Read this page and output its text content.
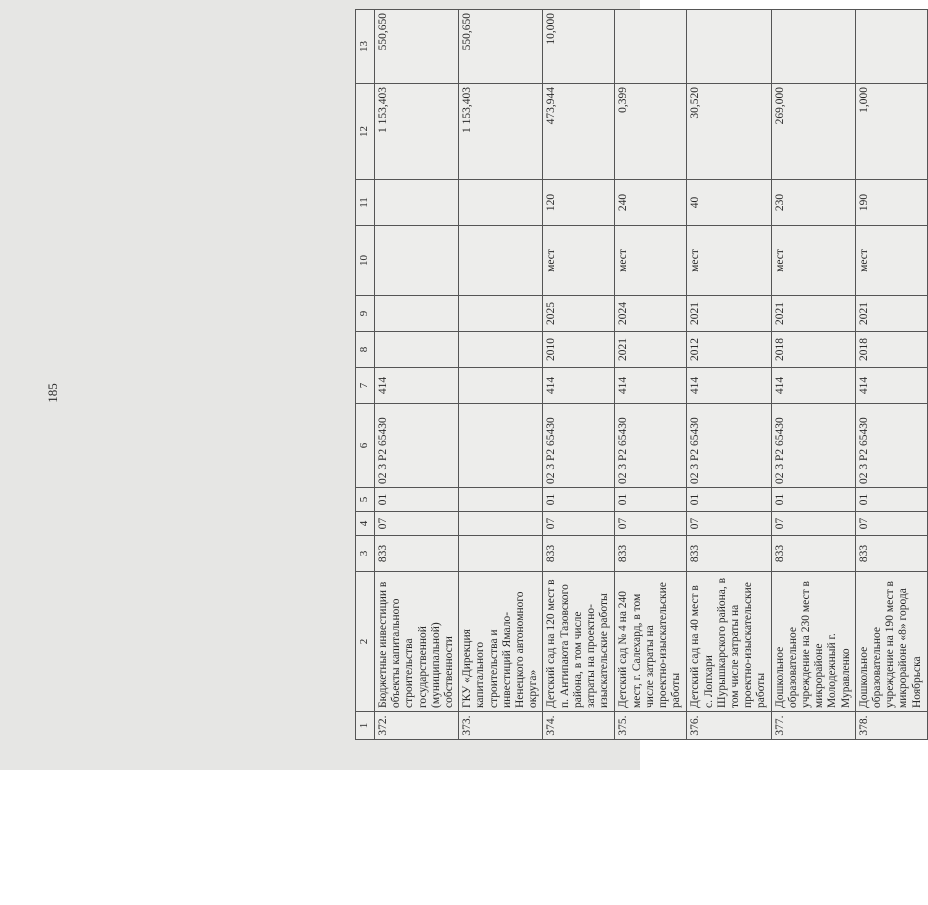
185
1	2	3	4	5	6	7	8	9	10	11	12	13
372.	Бюджетные инвестиции в объекты капитального строительства государственной (муниципальной) собственности	833	07	01	02 3 Р2 65430	414					1 153,403	550,650
373.	ГКУ «Дирекция капитального строительства и инвестиций Ямало-Ненецкого автономного округа»										1 153,403	550,650
374.	Детский сад на 120 мест в п. Антипаюта Тазовского района, в том числе затраты на проектно-изыскательские работы	833	07	01	02 3 Р2 65430	414	2010	2025	мест	120	473,944	10,000
375.	Детский сад № 4 на 240 мест, г. Салехард, в том числе затраты на проектно-изыскательские работы	833	07	01	02 3 Р2 65430	414	2021	2024	мест	240	0,399	
376.	Детский сад на 40 мест в с. Лопхари Шурышкарского района, в том числе затраты на проектно-изыскательские работы	833	07	01	02 3 Р2 65430	414	2012	2021	мест	40	30,520	
377.	Дошкольное образовательное учреждение на 230 мест в микрорайоне Молодежный г. Муравленко	833	07	01	02 3 Р2 65430	414	2018	2021	мест	230	269,000	
378.	Дошкольное образовательное учреждение на 190 мест в микрорайоне «8» города Ноябрьска	833	07	01	02 3 Р2 65430	414	2018	2021	мест	190	1,000	
